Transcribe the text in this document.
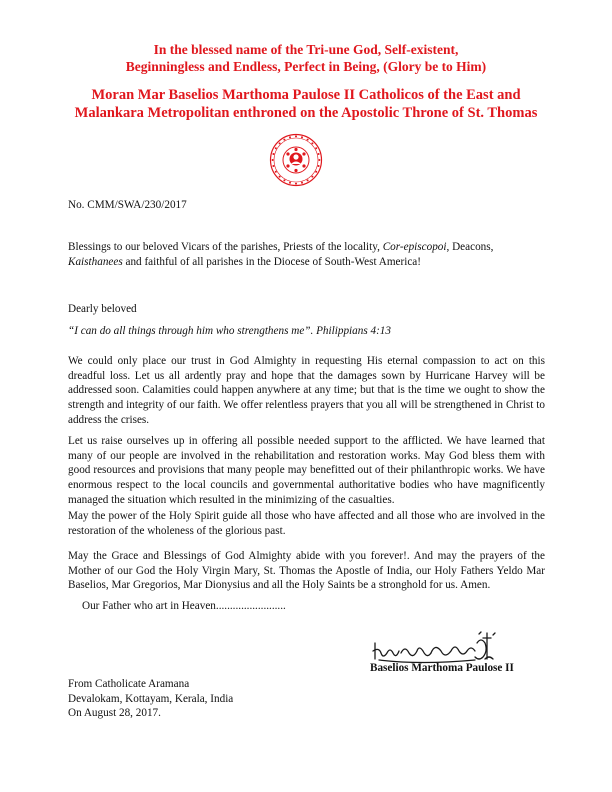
In the blessed name of the Tri-une God, Self-existent,
Beginningless and Endless, Perfect in Being, (Glory be to Him)
Moran Mar Baselios Marthoma Paulose II Catholicos of the East and
Malankara Metropolitan enthroned on the Apostolic Throne of St. Thomas
No. CMM/SWA/230/2017
Blessings to our beloved Vicars of the parishes, Priests of the locality, Cor-episcopoi, Deacons,
Kaisthanees and faithful of all parishes in the Diocese of South-West America!
Dearly beloved
“I can do all things through him who strengthens me”. Philippians 4:13
We could only place our trust in God Almighty in requesting His eternal compassion to act on this dreadful loss. Let us all ardently pray and hope that the damages sown by Hurricane Harvey will be addressed soon. Calamities could happen anywhere at any time; but that is the time we ought to show the strength and integrity of our faith. We offer relentless prayers that you all will be strengthened in Christ to address the crises.
Let us raise ourselves up in offering all possible needed support to the afflicted. We have learned that many of our people are involved in the rehabilitation and restoration works. May God bless them with good resources and provisions that many people may benefitted out of their philanthropic works. We have enormous respect to the local councils and governmental authoritative bodies who have magnificently managed the situation which resulted in the minimizing of the casualties.
May the power of the Holy Spirit guide all those who have affected and all those who are involved in the restoration of the wholeness of the glorious past.
May the Grace and Blessings of God Almighty abide with you forever!. And may the prayers of the Mother of our God the Holy Virgin Mary, St. Thomas the Apostle of India, our Holy Fathers Yeldo Mar Baselios, Mar Gregorios, Mar Dionysius and all the Holy Saints be a stronghold for us. Amen.
Our Father who art in Heaven.........................
Baselios Marthoma Paulose II
From Catholicate Aramana
Devalokam, Kottayam, Kerala, India
On August 28, 2017.
